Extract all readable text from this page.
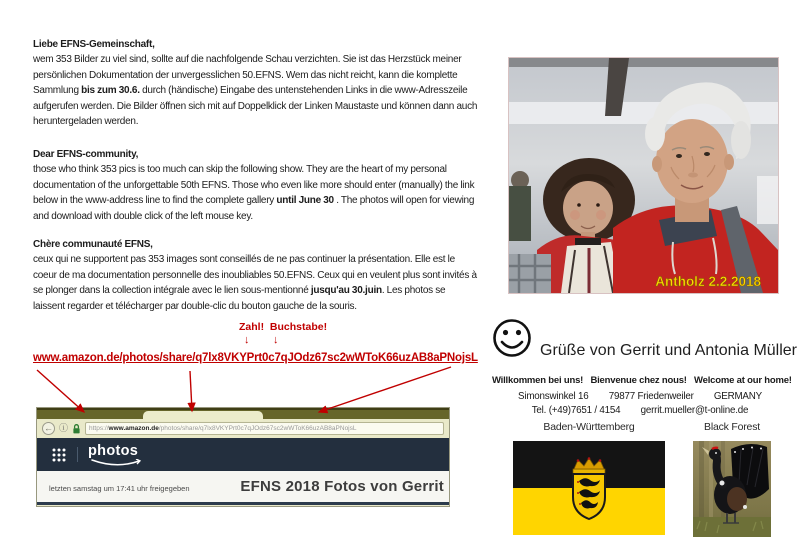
Liebe EFNS-Gemeinschaft,
wem 353 Bilder zu viel sind, sollte auf die nachfolgende Schau verzichten. Sie ist das Herzstück meiner persönlichen Dokumentation der unvergesslichen 50.EFNS. Wem das nicht reicht, kann die komplette Sammlung bis zum 30.6. durch (händische) Eingabe des untenstehenden Links in die www-Adresszeile aufgerufen werden. Die Bilder öffnen sich mit auf Doppelklick der Linken Maustaste und können dann auch heruntergeladen werden.

Dear EFNS-community,
those who think 353 pics is too much can skip the following show. They are the heart of my personal documentation of the unforgettable 50th EFNS. Those who even like more should enter (manually) the link below in the www-address line to find the complete gallery until June 30 . The photos will open for viewing and download with double click of the left mouse key.

Chère communauté EFNS,
ceux qui ne supportent pas 353 images sont conseillés de ne pas continuer la présentation. Elle est le coeur de ma documentation personnelle des inoubliables 50.EFNS. Ceux qui en veulent plus sont invités à se plonger dans la collection intégrale avec le lien sous-mentionné jusqu'au 30.juin. Les photos se laissent regarder et télécharger par double-clic du bouton gauche de la souris.

Zahl!  Buchstabe!
↓ ↓
www.amazon.de/photos/share/q7lx8VKYPrt0c7qJOdz67sc2wWToK66uzAB8aPNojsL
← ⓘ	https://www.amazon.de/photos/share/q7lx8VKYPrt0c7qJOdz67sc2wWToK66uzAB8aPNojsL
photos
letzten samstag um 17:41 uhr freigegeben	EFNS 2018 Fotos von Gerrit
Antholz 2.2.2018
Grüße von Gerrit und Antonia Müller
Willkommen bei uns!   Bienvenue chez nous!   Welcome at our home!
Simonswinkel 16        79877 Friedenweiler        GERMANY
Tel. (+49)7651 / 4154        gerrit.mueller@t-online.de
Baden-Württemberg	Black Forest
